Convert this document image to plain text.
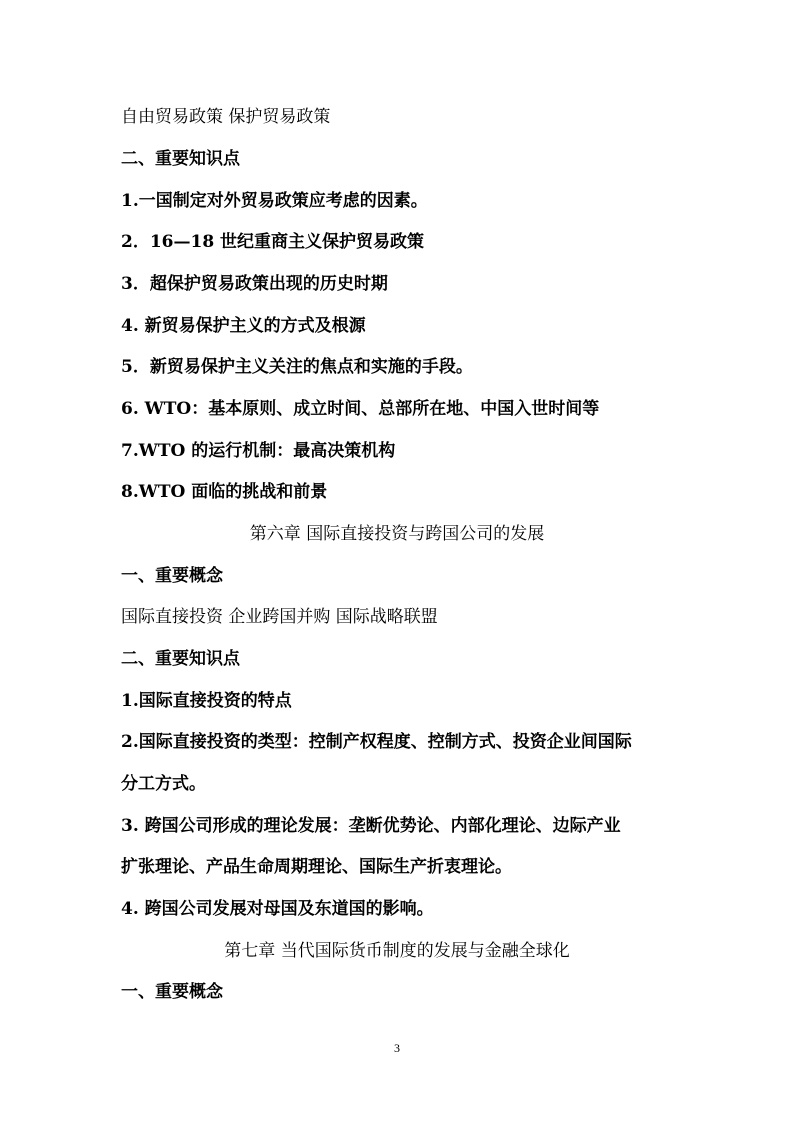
自由贸易政策 保护贸易政策
二、重要知识点
1.一国制定对外贸易政策应考虑的因素。
2．16—18 世纪重商主义保护贸易政策
3．超保护贸易政策出现的历史时期
4. 新贸易保护主义的方式及根源
5．新贸易保护主义关注的焦点和实施的手段。
6. WTO：基本原则、成立时间、总部所在地、中国入世时间等
7.WTO 的运行机制：最高决策机构
8.WTO 面临的挑战和前景
第六章 国际直接投资与跨国公司的发展
一、重要概念
国际直接投资 企业跨国并购 国际战略联盟
二、重要知识点
1.国际直接投资的特点
2.国际直接投资的类型：控制产权程度、控制方式、投资企业间国际
分工方式。
3. 跨国公司形成的理论发展：垄断优势论、内部化理论、边际产业
扩张理论、产品生命周期理论、国际生产折衷理论。
4. 跨国公司发展对母国及东道国的影响。
第七章 当代国际货币制度的发展与金融全球化
一、重要概念
3
